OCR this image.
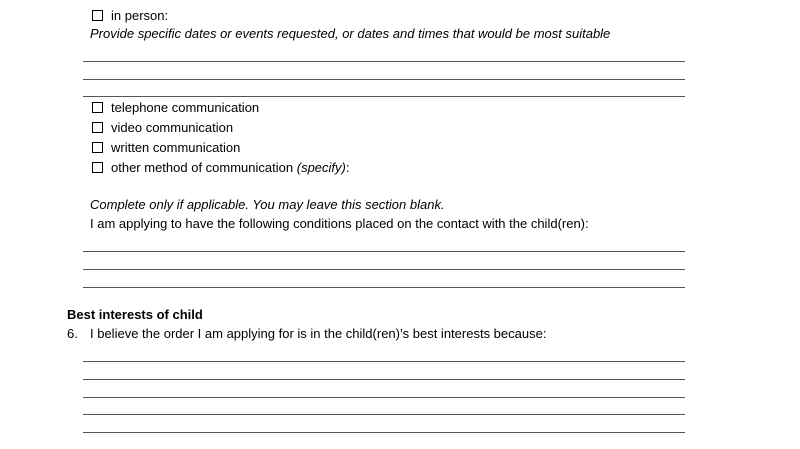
in person:
Provide specific dates or events requested, or dates and times that would be most suitable
telephone communication
video communication
written communication
other method of communication
(specify) :
Complete only if applicable. You may leave this section blank.
I am applying to have the following conditions placed on the contact with the child(ren):
Best interests of child
6. I believe the order I am applying for is in the child(ren)’s best interests because:
